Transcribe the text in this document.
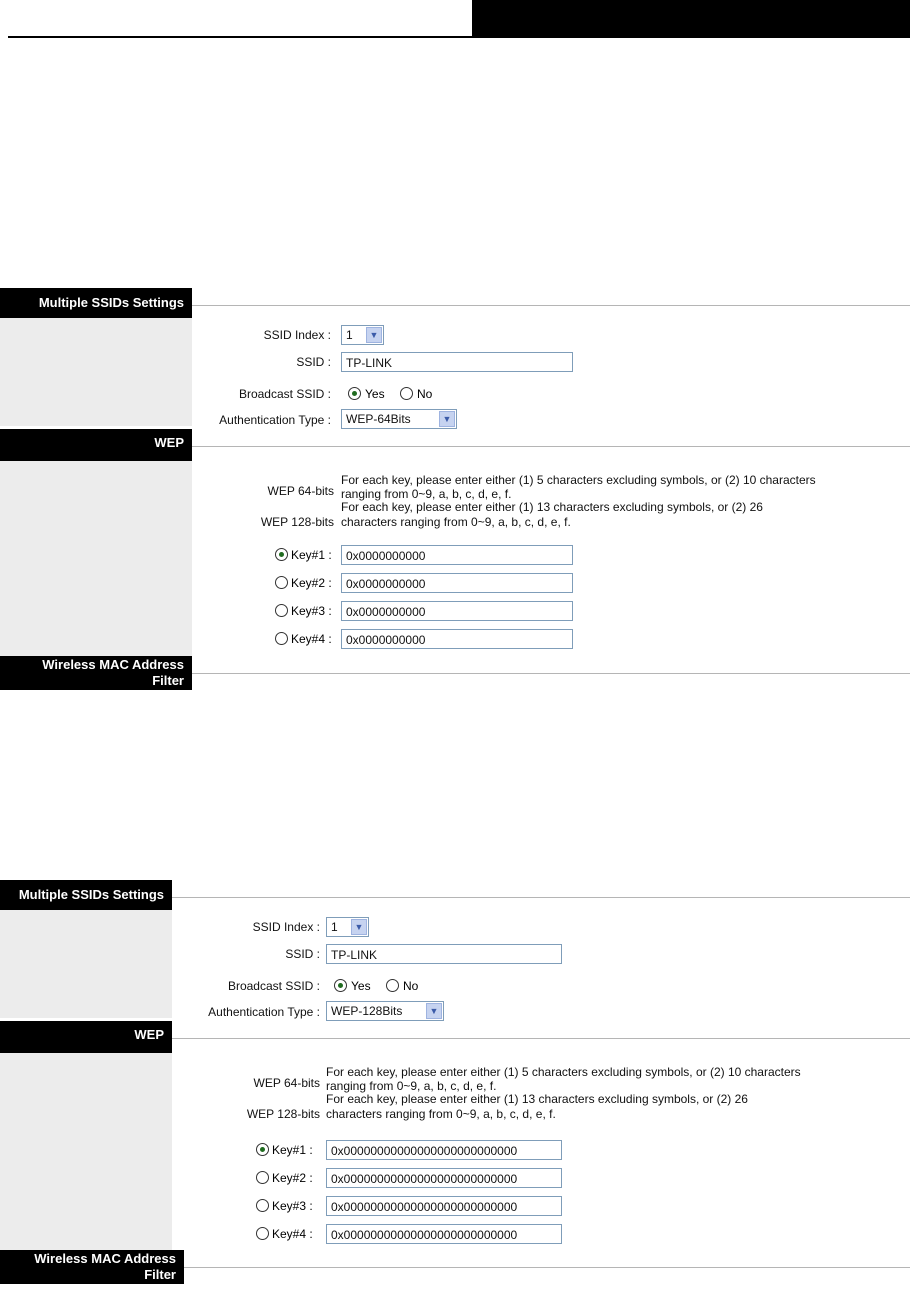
Multiple SSIDs Settings
SSID Index :	1	▼
SSID :	TP-LINK
Broadcast SSID :	Yes	No
Authentication Type :	WEP-64Bits	▼
WEP
WEP 64-bits
For each key, please enter either (1) 5 characters excluding symbols, or (2) 10 characters
ranging from 0~9, a, b, c, d, e, f.
WEP 128-bits
For each key, please enter either (1) 13 characters excluding symbols, or (2) 26
characters ranging from 0~9, a, b, c, d, e, f.
Key#1 :	0x0000000000
Key#2 :	0x0000000000
Key#3 :	0x0000000000
Key#4 :	0x0000000000
Wireless MAC Address
Filter
Multiple SSIDs Settings
SSID Index : 1	▼
SSID : TP-LINK
Broadcast SSID :	Yes	No
Authentication Type : WEP-128Bits	▼
WEP
WEP 64-bits
For each key, please enter either (1) 5 characters excluding symbols, or (2) 10 characters
ranging from 0~9, a, b, c, d, e, f.
WEP 128-bits
For each key, please enter either (1) 13 characters excluding symbols, or (2) 26
characters ranging from 0~9, a, b, c, d, e, f.
Key#1 :	0x00000000000000000000000000
Key#2 :	0x00000000000000000000000000
Key#3 :	0x00000000000000000000000000
Key#4 :	0x00000000000000000000000000
Wireless MAC Address
Filter
